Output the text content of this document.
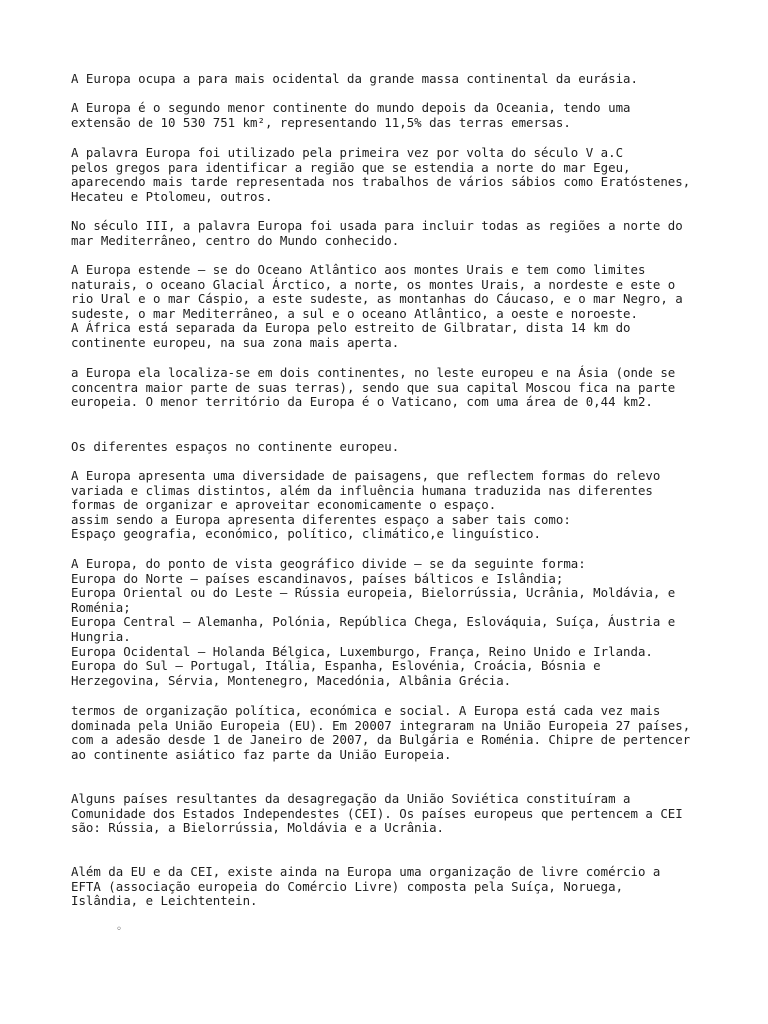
A Europa ocupa a para mais ocidental da grande massa continental da eurásia.

A Europa é o segundo menor continente do mundo depois da Oceania, tendo uma
extensão de 10 530 751 km², representando 11,5% das terras emersas.

A palavra Europa foi utilizado pela primeira vez por volta do século V a.C
pelos gregos para identificar a região que se estendia a norte do mar Egeu,
aparecendo mais tarde representada nos trabalhos de vários sábios como Eratóstenes,
Hecateu e Ptolomeu, outros.

No século III, a palavra Europa foi usada para incluir todas as regiões a norte do
mar Mediterrâneo, centro do Mundo conhecido.

A Europa estende – se do Oceano Atlântico aos montes Urais e tem como limites
naturais, o oceano Glacial Árctico, a norte, os montes Urais, a nordeste e este o
rio Ural e o mar Cáspio, a este sudeste, as montanhas do Cáucaso, e o mar Negro, a
sudeste, o mar Mediterrâneo, a sul e o oceano Atlântico, a oeste e noroeste.
A África está separada da Europa pelo estreito de Gilbratar, dista 14 km do
continente europeu, na sua zona mais aperta.

a Europa ela localiza-se em dois continentes, no leste europeu e na Ásia (onde se
concentra maior parte de suas terras), sendo que sua capital Moscou fica na parte
europeia. O menor território da Europa é o Vaticano, com uma área de 0,44 km2.

Os diferentes espaços no continente europeu.

A Europa apresenta uma diversidade de paisagens, que reflectem formas do relevo
variada e climas distintos, além da influência humana traduzida nas diferentes
formas de organizar e aproveitar economicamente o espaço.
assim sendo a Europa apresenta diferentes espaço a saber tais como:
Espaço geografia, económico, político, climático,e linguístico.

A Europa, do ponto de vista geográfico divide – se da seguinte forma:
Europa do Norte – países escandinavos, países bálticos e Islândia;
Europa Oriental ou do Leste – Rússia europeia, Bielorrússia, Ucrânia, Moldávia, e
Roménia;
Europa Central – Alemanha, Polónia, República Chega, Eslováquia, Suíça, Áustria e
Hungria.
Europa Ocidental – Holanda Bélgica, Luxemburgo, França, Reino Unido e Irlanda.
Europa do Sul – Portugal, Itália, Espanha, Eslovénia, Croácia, Bósnia e
Herzegovina, Sérvia, Montenegro, Macedónia, Albânia Grécia.

termos de organização política, económica e social. A Europa está cada vez mais
dominada pela União Europeia (EU). Em 20007 integraram na União Europeia 27 países,
com a adesão desde 1 de Janeiro de 2007, da Bulgária e Roménia. Chipre de pertencer
ao continente asiático faz parte da União Europeia.

Alguns países resultantes da desagregação da União Soviética constituíram a
Comunidade dos Estados Independestes (CEI). Os países europeus que pertencem a CEI
são: Rússia, a Bielorrússia, Moldávia e a Ucrânia.

Além da EU e da CEI, existe ainda na Europa uma organização de livre comércio a
EFTA (associação europeia do Comércio Livre) composta pela Suíça, Noruega,
Islândia, e Leichtentein.

◦
